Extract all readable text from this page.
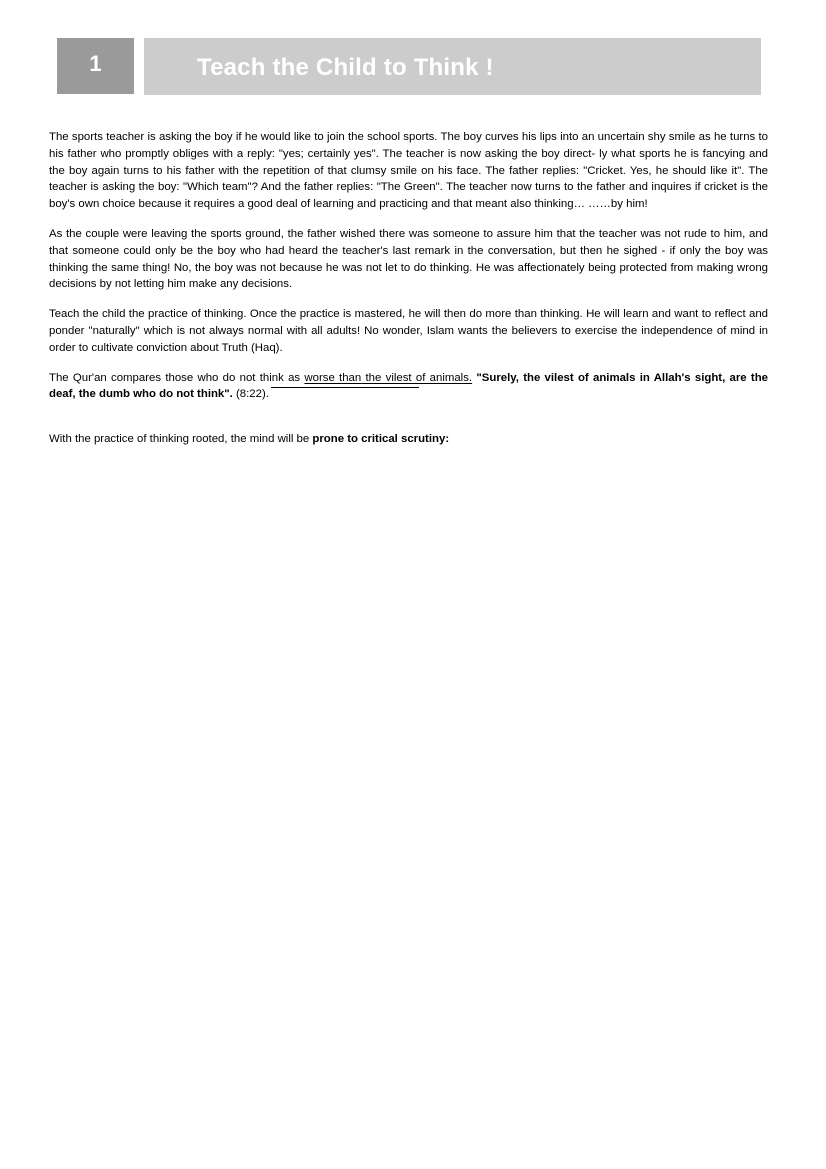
1	Teach the Child to Think !

The sports teacher is asking the boy if he would like to join the school sports. The boy curves his lips into an uncertain shy smile as he turns to his father who promptly obliges with a reply: "yes; certainly yes". The teacher is now asking the boy direct- ly what sports he is fancying and the boy again turns to his father with the repetition of that clumsy smile on his face. The father replies: "Cricket. Yes, he should like it". The teacher is asking the boy: "Which team"? And the father replies: "The Green". The teacher now turns to the father and inquires if cricket is the boy's own choice because it requires a good deal of learning and practicing and that meant also thinking… ……by him!

As the couple were leaving the sports ground, the father wished there was someone to assure him that the teacher was not rude to him, and that someone could only be the boy who had heard the teacher's last remark in the conversation, but then he sighed - if only the boy was thinking the same thing! No, the boy was not because he was not let to do thinking. He was affectionately being protected from making wrong decisions by not letting him make any decisions.

Teach the child the practice of thinking. Once the practice is mastered, he will then do more than thinking. He will learn and want to reflect and ponder "naturally" which is not always normal with all adults! No wonder, Islam wants the believers to exercise the independence of mind in order to cultivate conviction about Truth (Haq).

The Qur'an compares those who do not think as worse than the vilest of animals. "Surely, the vilest of animals in Allah's sight, are the deaf, the dumb who do not think". (8:22).

With the practice of thinking rooted, the mind will be prone to critical scrutiny:
